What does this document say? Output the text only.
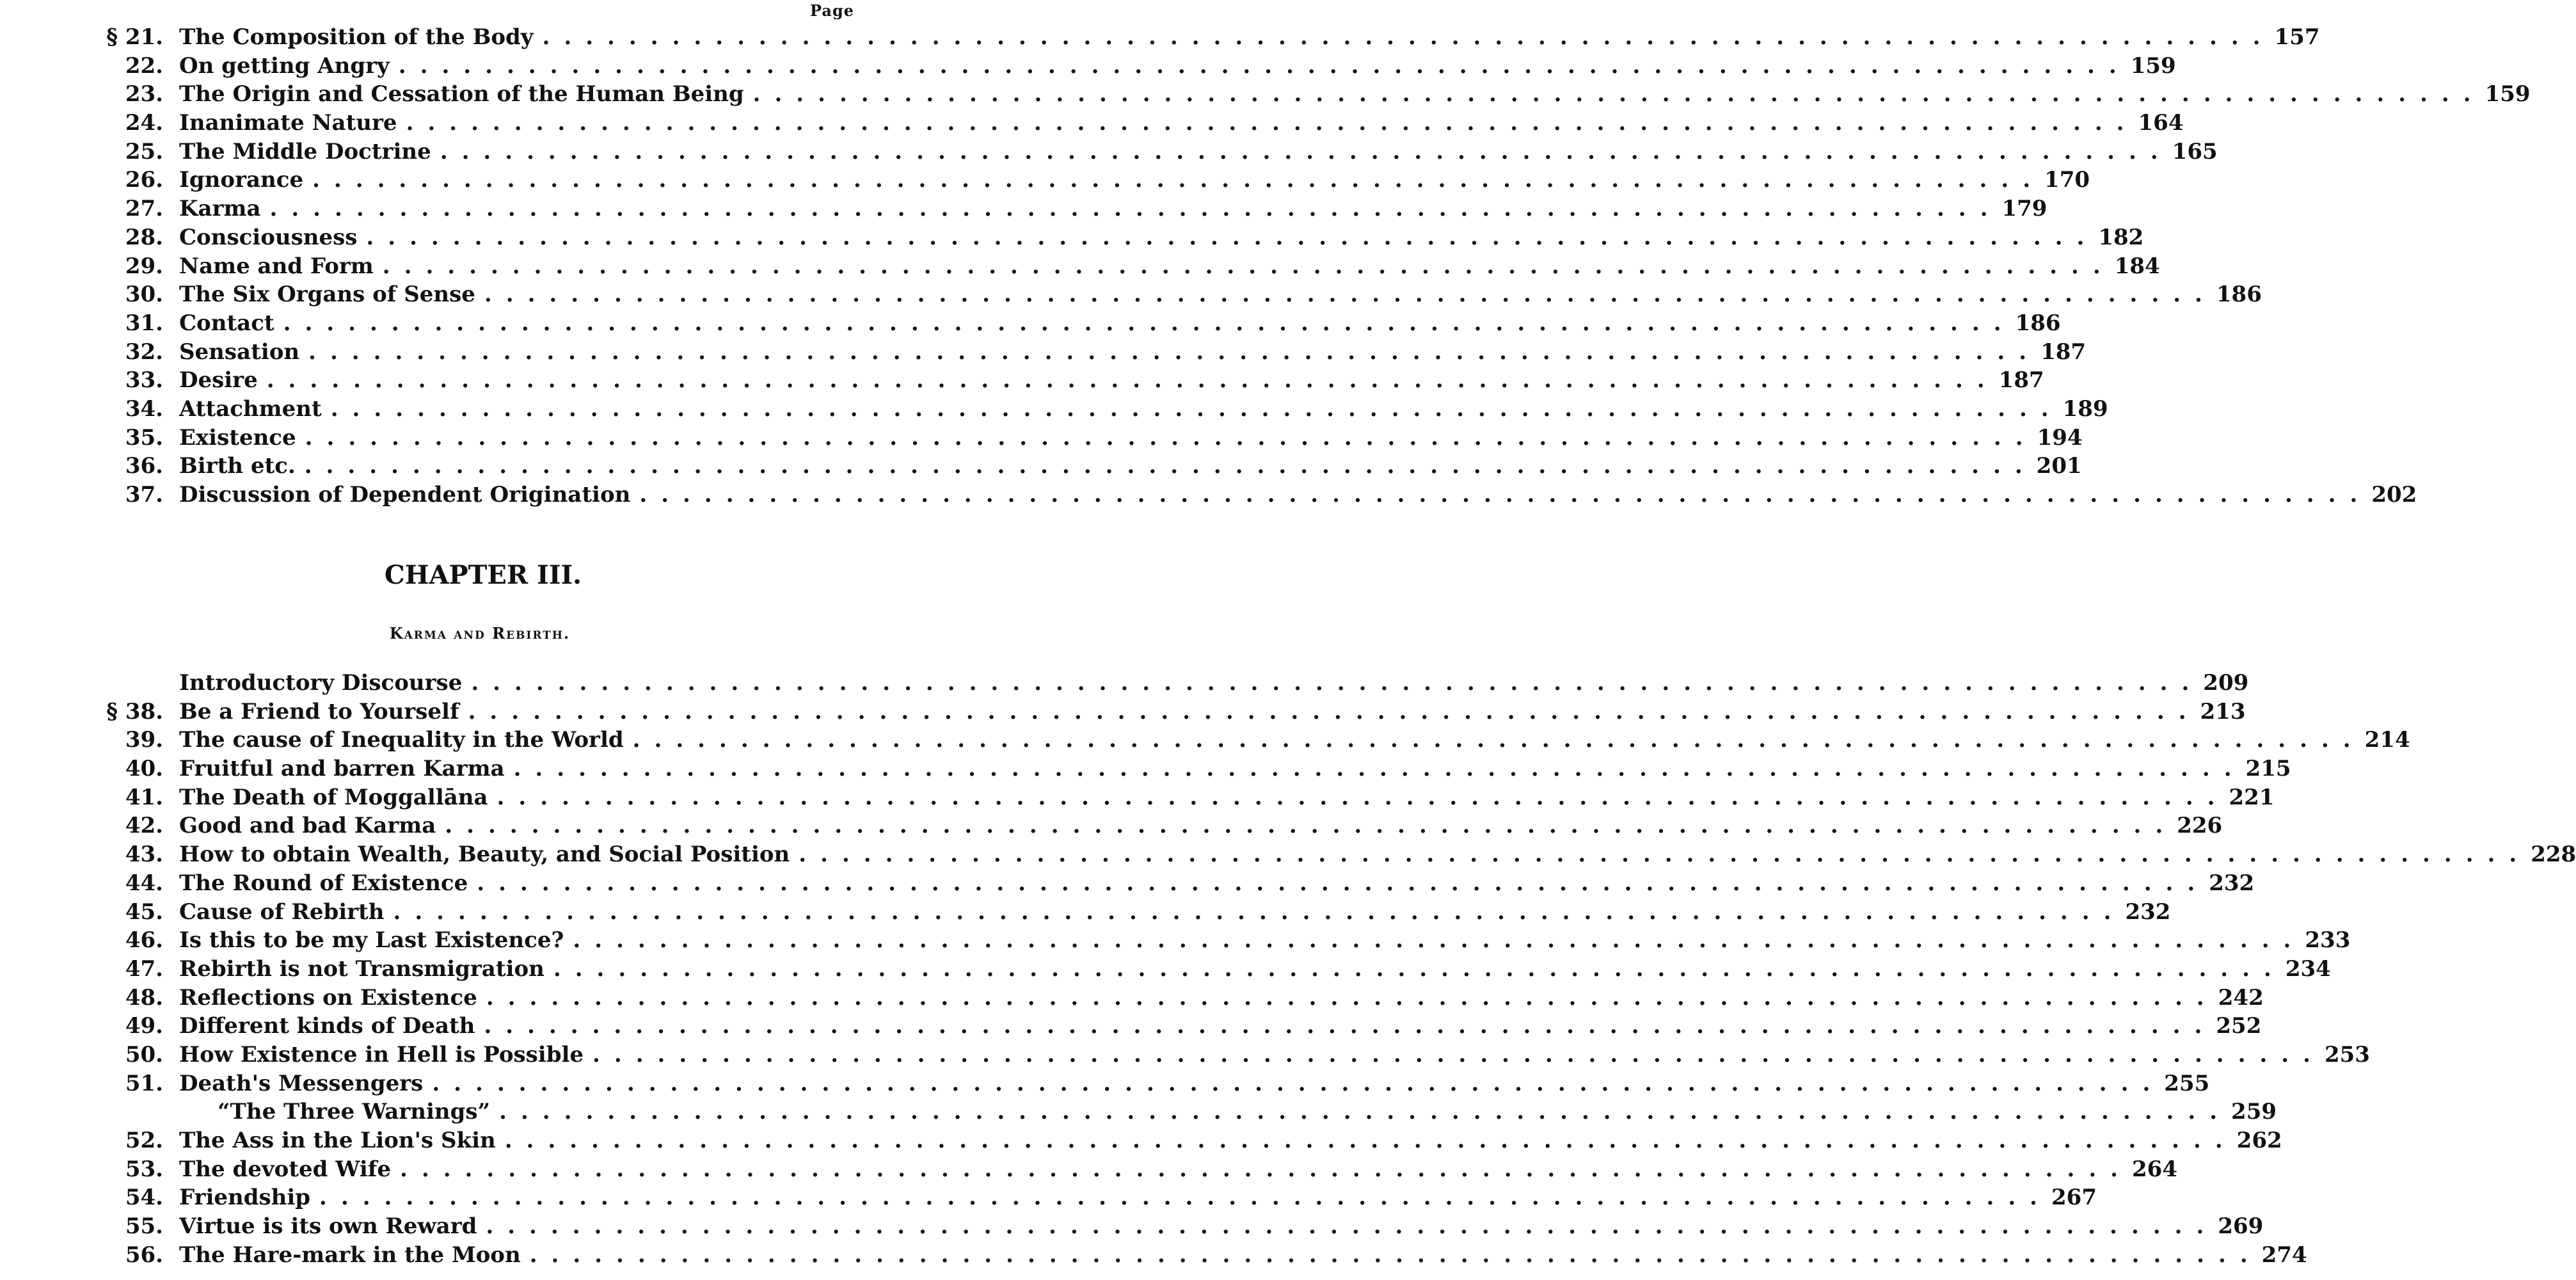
Page
§ 21. The Composition of the Body ................................................................................ 157
22. On getting Angry ................................................................................ 159
23. The Origin and Cessation of the Human Being ................................................................................ 159
24. Inanimate Nature ................................................................................ 164
25. The Middle Doctrine ................................................................................ 165
26. Ignorance ................................................................................ 170
27. Karma ................................................................................ 179
28. Consciousness ................................................................................ 182
29. Name and Form ................................................................................ 184
30. The Six Organs of Sense ................................................................................ 186
31. Contact ................................................................................ 186
32. Sensation ................................................................................ 187
33. Desire ................................................................................ 187
34. Attachment ................................................................................ 189
35. Existence ................................................................................ 194
36. Birth etc. ................................................................................ 201
37. Discussion of Dependent Origination ................................................................................ 202
CHAPTER III.
Karma and Rebirth.
Introductory Discourse ................................................................................ 209
§ 38. Be a Friend to Yourself ................................................................................ 213
39. The cause of Inequality in the World ................................................................................ 214
40. Fruitful and barren Karma ................................................................................ 215
41. The Death of Moggallāna ................................................................................ 221
42. Good and bad Karma ................................................................................ 226
43. How to obtain Wealth, Beauty, and Social Position ................................................................................ 228
44. The Round of Existence ................................................................................ 232
45. Cause of Rebirth ................................................................................ 232
46. Is this to be my Last Existence? ................................................................................ 233
47. Rebirth is not Transmigration ................................................................................ 234
48. Reflections on Existence ................................................................................ 242
49. Different kinds of Death ................................................................................ 252
50. How Existence in Hell is Possible ................................................................................ 253
51. Death's Messengers ................................................................................ 255
“The Three Warnings” ................................................................................ 259
52. The Ass in the Lion's Skin ................................................................................ 262
53. The devoted Wife ................................................................................ 264
54. Friendship ................................................................................ 267
55. Virtue is its own Reward ................................................................................ 269
56. The Hare-mark in the Moon ................................................................................ 274
